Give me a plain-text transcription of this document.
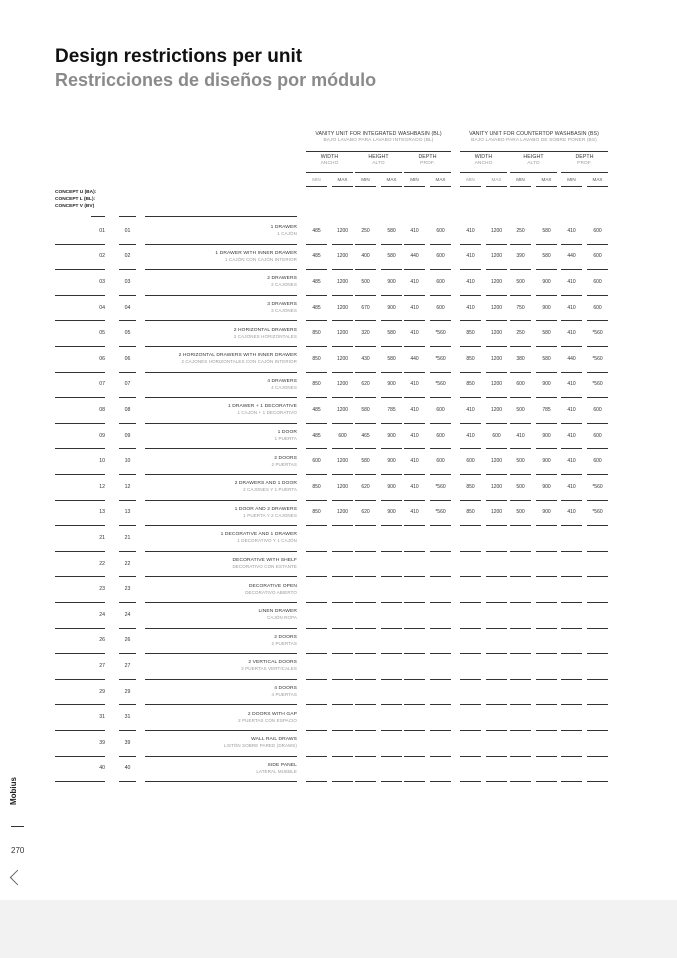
Design restrictions per unit
Restricciones de diseños por módulo
VANITY UNIT FOR INTEGRATED WASHBASIN (BL)
BAJO LAVABO PARA LAVABO INTEGRADO (BL)
VANITY UNIT FOR COUNTERTOP WASHBASIN (BS)
BAJO LAVABO PARA LAVABO DE SOBRE PONER (BS)
WIDTH
ANCHO
HEIGHT
ALTO
DEPTH
PROF.
WIDTH
ANCHO
HEIGHT
ALTO
DEPTH
PROF.
MIN	MAX	MIN	MAX	MIN	MAX	MIN	MAX	MIN	MAX	MIN	MAX
CONCEPT U (BA):
CONCEPT L (BL):
CONCEPT V (BV)
01	01	1 DRAWER
1 CAJÓN	485	1200	250	580	410	600	410	1200	250	580	410	600
02	02	1 DRAWER WITH INNER DRAWER
1 CAJÓN CON CAJÓN INTERIOR	485	1200	400	580	440	600	410	1200	390	580	440	600
03	03	2 DRAWERS
2 CAJONES	485	1200	500	900	410	600	410	1200	500	900	410	600
04	04	3 DRAWERS
3 CAJONES	485	1200	670	900	410	600	410	1200	750	900	410	600
05	05	2 HORIZONTAL DRAWERS
2 CAJONES HORIZONTALES	850	1200	320	580	410	*560	850	1200	250	580	410	*560
06	06	2 HORIZONTAL DRAWERS WITH INNER DRAWER
2 CAJONES HORIZONTALES CON CAJÓN INTERIOR	850	1200	430	580	440	*560	850	1200	380	580	440	*560
07	07	4 DRAWERS
4 CAJONES	850	1200	620	900	410	*560	850	1200	600	900	410	*560
08	08	1 DRAWER + 1 DECORATIVE
1 CAJÓN + 1 DECORATIVO	485	1200	580	785	410	600	410	1200	500	785	410	600
09	09	1 DOOR
1 PUERTA	485	600	465	900	410	600	410	600	410	900	410	600
10	10	2 DOORS
2 PUERTAS	600	1200	580	900	410	600	600	1200	500	900	410	600
12	12	2 DRAWERS AND 1 DOOR
2 CAJONES Y 1 PUERTA	850	1200	620	900	410	*560	850	1200	500	900	410	*560
13	13	1 DOOR AND 2 DRAWERS
1 PUERTA Y 2 CAJONES	850	1200	620	900	410	*560	850	1200	500	900	410	*560
21	21	1 DECORATIVE AND 1 DRAWER
1 DECORATIVO Y 1 CAJÓN
22	22	DECORATIVE WITH SHELF
DECORATIVO CON ESTANTE
23	23	DECORATIVE OPEN
DECORATIVO ABIERTO
24	24	LINEN DRAWER
CAJÓN ROPA
26	26	2 DOORS
2 PUERTAS
27	27	2 VERTICAL DOORS
2 PUERTAS VERTICALES
29	29	4 DOORS
4 PUERTAS
31	31	2 DOORS WITH GAP
2 PUERTAS CON ESPACIO
39	39	WALL RAIL DRAWS
LISTÓN SOBRE PARED (DRAWS)
40	40	SIDE PANEL
LATERAL MUEBLE
Mobius
270
